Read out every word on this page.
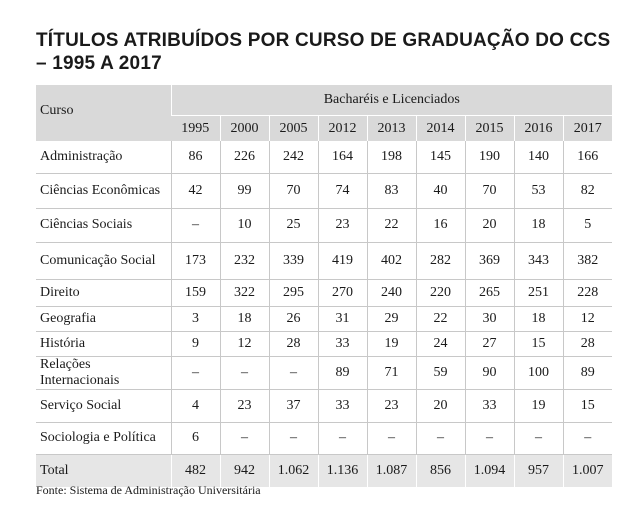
TÍTULOS ATRIBUÍDOS POR CURSO DE GRADUAÇÃO DO CCS
– 1995 A 2017
Curso	Bacharéis e Licenciados								
	1995	2000	2005	2012	2013	2014	2015	2016	2017
Administração	86	226	242	164	198	145	190	140	166
Ciências Econômicas	42	99	70	74	83	40	70	53	82
Ciências Sociais	–	10	25	23	22	16	20	18	5
Comunicação Social	173	232	339	419	402	282	369	343	382
Direito	159	322	295	270	240	220	265	251	228
Geografia	3	18	26	31	29	22	30	18	12
História	9	12	28	33	19	24	27	15	28
Relações Internacionais	–	–	–	89	71	59	90	100	89
Serviço Social	4	23	37	33	23	20	33	19	15
Sociologia e Política	6	–	–	–	–	–	–	–	–
Total	482	942	1.062	1.136	1.087	856	1.094	957	1.007

Fonte: Sistema de Administração Universitária
